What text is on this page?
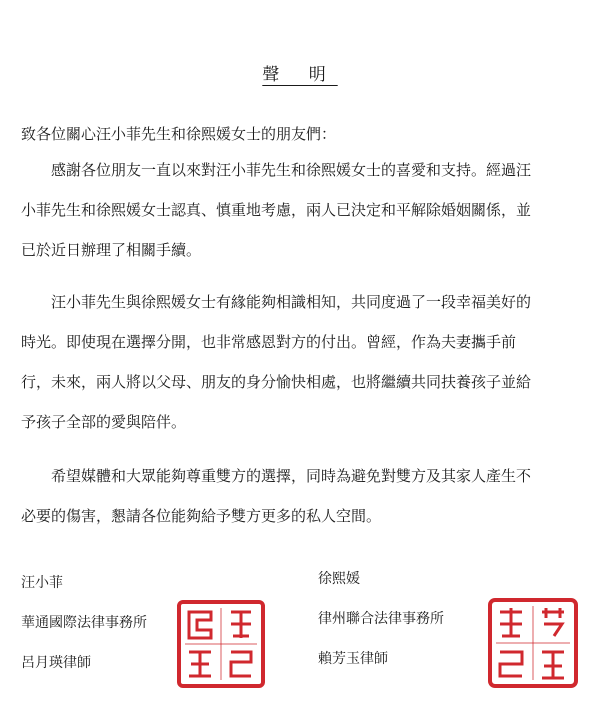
聲 明
致各位關心汪小菲先生和徐熙媛女士的朋友們：

　　感謝各位朋友一直以來對汪小菲先生和徐熙媛女士的喜愛和支持。經過汪
小菲先生和徐熙媛女士認真、慎重地考慮，兩人已決定和平解除婚姻關係，並
已於近日辦理了相關手續。

　　汪小菲先生與徐熙媛女士有緣能夠相識相知，共同度過了一段幸福美好的
時光。即使現在選擇分開，也非常感恩對方的付出。曾經，作為夫妻攜手前
行，未來，兩人將以父母、朋友的身分愉快相處，也將繼續共同扶養孩子並給
予孩子全部的愛與陪伴。

　　希望媒體和大眾能夠尊重雙方的選擇，同時為避免對雙方及其家人產生不
必要的傷害，懇請各位能夠給予雙方更多的私人空間。

汪小菲
華通國際法律事務所
呂月瑛律師
徐熙媛
律州聯合法律事務所
賴芳玉律師
